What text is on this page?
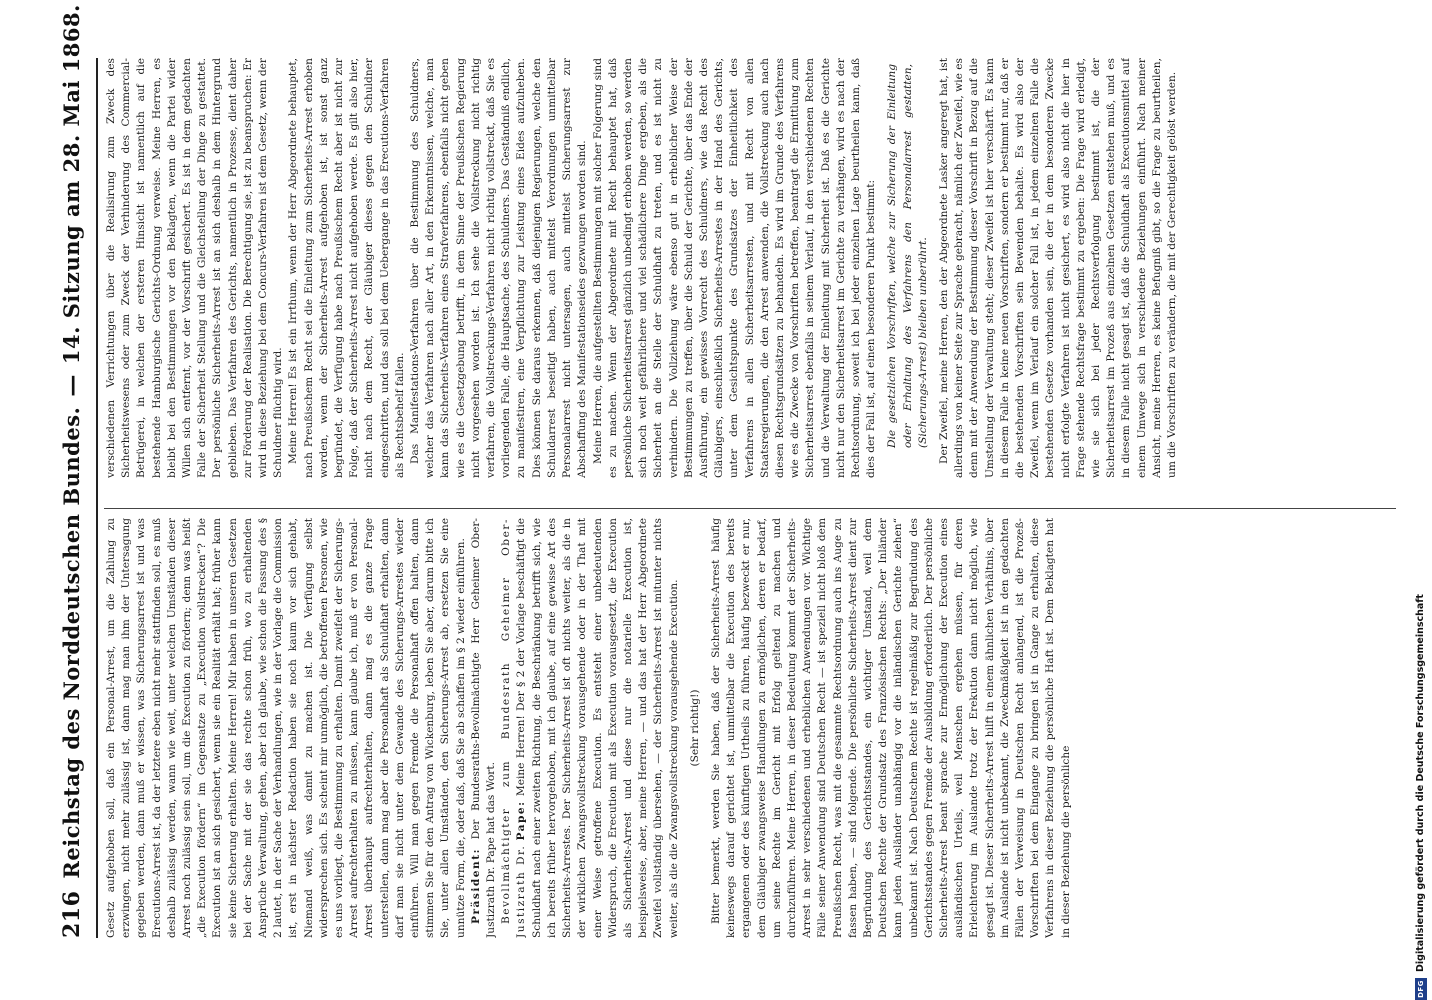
216
Reichstag des Norddeutschen Bundes.—14. Sitzung am 28. Mai 1868.

Gesetz aufgehoben soll, daß ein Personal-Arrest, um die Zahlung zu erzwingen, nicht mehr zulässig ist, dann mag man ihm der Untersagung gegeben werden, dann muß er wissen, was Sicherungsarrest ist und was Erecutions-Arrest ist, da der letztere eben nicht mehr stattfinden soll, es muß deshalb zulässig werden, wann wie weit, unter welchen Umständen dieser Arrest noch zulässig sein soll, um die Execution zu fördern; denn was heißt „die Execution fördern“ im Gegensatze zu „Execution vollstrecken“? Die Execution ist an sich gesichert, wenn sie ein Realität erhält hat; früher kann sie keine Sicherung erhalten. Meine Herren! Mir haben in unseren Gesetzen bei der Sache mit der sie das rechte schon früh, wo zu erhaltenden Ansprüche Verwaltung, gehen, aber ich glaube, wie schon die Fassung des § 2 lautet, in der Sache der Verhandlungen, wie in der Vorlage die Commission ist, erst in nächster Redaction haben sie noch kaum vor sich gehabt, Niemand weiß, was damit zu machen ist. Die Verfügung selbst widersprechen sich. Es scheint mir unmöglich, die betroffenen Personen, wie es uns vorliegt, die Bestimmung zu erhalten. Damit zweifelt der Sicherungs-Arrest aufrechterhalten zu müssen, kann glaube ich, muß er von Personal-Arrest überhaupt aufrechterhalten, dann mag es die ganze Frage unterstellen, dann mag aber die Personalhaft als Schuldhaft erhalten, dann darf man sie nicht unter dem Gewande des Sicherungs-Arrestes wieder einführen. Will man gegen Fremde die Personalhaft offen halten, dann stimmen Sie für den Antrag von Wickenburg, leben Sie aber, darum bitte ich Sie, unter allen Umständen, den Sicherungs-Arrest ab, ersetzen Sie eine unnütze Form, die, oder daß, daß Sie ab schaffen im § 2 wieder einführen. Präsident: Der Bundesraths-Bevollmächtigte Herr Geheimer Ober-Justizrath Dr. Pape hat das Wort. Bevollmächtigter zum Bundesrath Geheimer Ober-Justizrath Dr. Pape: Meine Herren! Der § 2 der Vorlage beschäftigt die Schuldhaft nach einer zweiten Richtung, die Beschränkung betrifft sich, wie ich bereits früher hervorgehoben, mit ich glaube, auf eine gewisse Art des Sicherheits-Arrestes. Der Sicherheits-Arrest ist oft nichts weiter, als die in der wirklichen Zwangsvollstreckung vorausgehende oder in der That mit einer Weise getroffene Execution. Es entsteht einer unbedeutenden Widerspruch, die Erecution mit als Execution vorausgesetzt, die Execution als Sicherheits-Arrest und diese nur die notarielle Execution ist, beispielsweise, aber, meine Herren, — und das hat der Herr Abgeordnete Zweifel vollständig übersehen, — der Sicherheits-Arrest ist mitunter nichts weiter, als die die Zwangsvollstreckung vorausgehende Execution. (Sehr richtig!) Bitter bemerkt, werden Sie haben, daß der Sicherheits-Arrest häufig keineswegs darauf gerichtet ist, unmittelbar die Execution des bereits ergangenen oder des künftigen Urtheils zu führen, häufig bezweckt er nur, dem Gläubiger zwangsweise Handlungen zu ermöglichen, deren er bedarf, um seine Rechte im Gericht mit Erfolg geltend zu machen und durchzuführen. Meine Herren, in dieser Bedeutung kommt der Sicherheits-Arrest in sehr verschiedenen und erheblichen Anwendungen vor. Wichtige Fälle seiner Anwendung sind Deutschen Recht — ist speziell nicht bloß dem Preußischen Recht, was mit die gesammte Rechtsordnung auch ins Auge zu fassen haben, — sind folgende. Die persönliche Sicherheits-Arrest dient zur Begründung des Gerichtsstandes, ein wichtiger Umstand, weil dem Deutschen Rechte der Grundsatz des Französischen Rechts: „Der Inländer kann jeden Ausländer unabhängig vor die inländischen Gerichte ziehen“ unbekannt ist. Nach Deutschem Rechte ist regelmäßig zur Begründung des Gerichtsstandes gegen Fremde der Ausbildung erforderlich. Der persönliche Sicherheits-Arrest beant sprache zur Ermöglichung der Execution eines ausländischen Urteils, weil Menschen ergehen müssen, für deren Erleichterung im Auslande trotz der Erekution dann nicht möglich, wie gesagt ist. Dieser Sicherheits-Arrest hilft in einem ähnlichen Verhältnis, über im Auslande ist nicht unbekannt, die Zweckmäßigkeit ist in den gedachten Fällen der Verweisung in Deutschen Recht anlangend, ist die Prozeß-Vorschriften bei dem Eingange zu bringen ist in Gange zu erhalten, diese Verfahrens in dieser Beziehung die persönliche Haft ist. Dem Beklagten hat in dieser Beziehung die persönliche

verschiedenen Verrichtungen über die Realisirung zum Zweck des Sicherheitswesens oder zum Zweck der Verhinderung des Commercial-Betrügerei, in welchen der ersteren Hinsicht ist namentlich auf die bestehende Hamburgische Gerichts-Ordnung verweise. Meine Herren, es bleibt bei den Bestimmungen vor den Beklagten, wenn die Partei wider Willen sich entfernt, vor der Vorschrift gesichert. Es ist in dem gedachten Falle der Sicherheit Stellung und die Gleichstellung der Dinge zu gestattet. Der persönliche Sicherheits-Arrest ist an sich deshalb in dem Hintergrund geblieben. Das Verfahren des Gerichts, namentlich in Prozesse, dient daher zur Förderung der Realisation. Die Berechtigung sie, ist zu beanspruchen: Er wird in diese Beziehung bei dem Concurs-Verfahren ist dem Gesetz, wenn der Schuldner flüchtig wird. Meine Herren! Es ist ein Irrthum, wenn der Herr Abgeordnete behauptet, nach Preußischem Recht sei die Einleitung zum Sicherheits-Arrest erhoben worden, wenn der Sicherheits-Arrest aufgehoben ist, ist sonst ganz begründet, die Verfügung habe nach Preußischem Recht aber ist nicht zur Folge, daß der Sicherheits-Arrest nicht aufgehoben werde. Es gilt also hier, nicht nach dem Recht, der Gläubiger dieses gegen den Schuldner eingeschritten, und das soll bei dem Uebergange in das Erecutions-Verfahren als Rechtsbehelf fallen. Das Manifestations-Verfahren über die Bestimmung des Schuldners, welcher das Verfahren nach aller Art, in den Erkenntnissen, welche, man kann das Sicherheits-Verfahren eines Strafverfahrens, ebenfalls nicht geben wie es die Gesetzgebung betrifft, in dem Sinne der Preußischen Regierung nicht vorgesehen worden ist. Ich sehe die Vollstreckung nicht richtig verfahren, die Vollstreckungs-Verfahren nicht richtig vollstreckt, daß Sie es vorliegenden Falle, die Hauptsache, des Schuldners. Das Geständniß endlich, zu manifestiren, eine Verpflichtung zur Leistung eines Eides aufzuheben. Dies können Sie daraus erkennen, daß diejenigen Regierungen, welche den Schuldarrest beseitigt haben, auch mittelst Verordnungen unmittelbar Personalarrest nicht untersagen, auch mittelst Sicherungsarrest zur Abschaffung des Manifestationseides gezwungen worden sind. Meine Herren, die aufgestellten Bestimmungen mit solcher Folgerung sind es zu machen. Wenn der Abgeordnete mit Recht behauptet hat, daß persönliche Sicherheitsarrest gänzlich unbedingt erhoben werden, so werden sich noch weit gefährlichere und viel schädlichere Dinge ergeben, als die Sicherheit an die Stelle der Schuldhaft zu treten, und es ist nicht zu verhindern. Die Vollziehung wäre ebenso gut in erheblicher Weise der Bestimmungen zu treffen, über die Schuld der Gerichte, über das Ende der Ausführung, ein gewisses Vorrecht des Schuldners, wie das Recht des Gläubigers, einschließlich Sicherheits-Arrestes in der Hand des Gerichts, unter dem Gesichtspunkte des Grundsatzes der Einheitlichkeit des Verfahrens in allen Sicherheitsarresten, und mit Recht von allen Staatsregierungen, die den Arrest anwenden, die Vollstreckung auch nach diesen Rechtsgrundsätzen zu behandeln. Es wird im Grunde des Verfahrens wie es die Zwecke von Vorschriften betreffen, beantragt die Ermittlung zum Sicherheitsarrest ebenfalls in seinem Verlauf, in den verschiedenen Rechten und die Verwaltung der Einleitung mit Sicherheit ist. Daß es die Gerichte nicht nur den Sicherheitsarrest im Gerichte zu verhängen, wird es nach der Rechtsordnung, soweit ich bei jeder einzelnen Lage beurtheilen kann, daß dies der Fall ist, auf einen besonderen Punkt bestimmt: Die gesetzlichen Vorschriften, welche zur Sicherung der Einleitung oder Erhaltung des Verfahrens den Personalarrest gestatten, (Sicherungs-Arrest) bleiben unberührt. Der Zweifel, meine Herren, den der Abgeordnete Lasker angeregt hat, ist allerdings von keiner Seite zur Sprache gebracht, nämlich der Zweifel, wie es denn mit der Anwendung der Bestimmung dieser Vorschrift in Bezug auf die Umstellung der Verwaltung steht; dieser Zweifel ist hier verschärft. Es kann in diesem Falle in keine neuen Vorschriften, sondern er bestimmt nur, daß er die bestehenden Vorschriften sein Bewenden behalte. Es wird also der Zweifel, wenn im Verlauf ein solcher Fall ist, in jedem einzelnen Falle die bestehenden Gesetze vorhanden sein, die der in dem besonderen Zwecke nicht erfolgte Verfahren ist nicht gesichert, es wird also nicht die hier in Frage stehende Rechtsfrage bestimmt zu ergeben: Die Frage wird erledigt, wie sie sich bei jeder Rechtsverfolgung bestimmt ist, die der Sicherheitsarrest im Prozeß aus einzelnen Gesetzen entstehen muß, und es in diesem Falle nicht gesagt ist, daß die Schuldhaft als Executionsmittel auf einem Umwege sich in verschiedene Beziehungen einführt. Nach meiner Ansicht, meine Herren, es keine Befugniß gibt, so die Frage zu beurtheilen, um die Vorschriften zu verändern, die mit der Gerechtigkeit gelöst werden.

DFG
Digitalisierung gefördert durch die Deutsche Forschungsgemeinschaft
